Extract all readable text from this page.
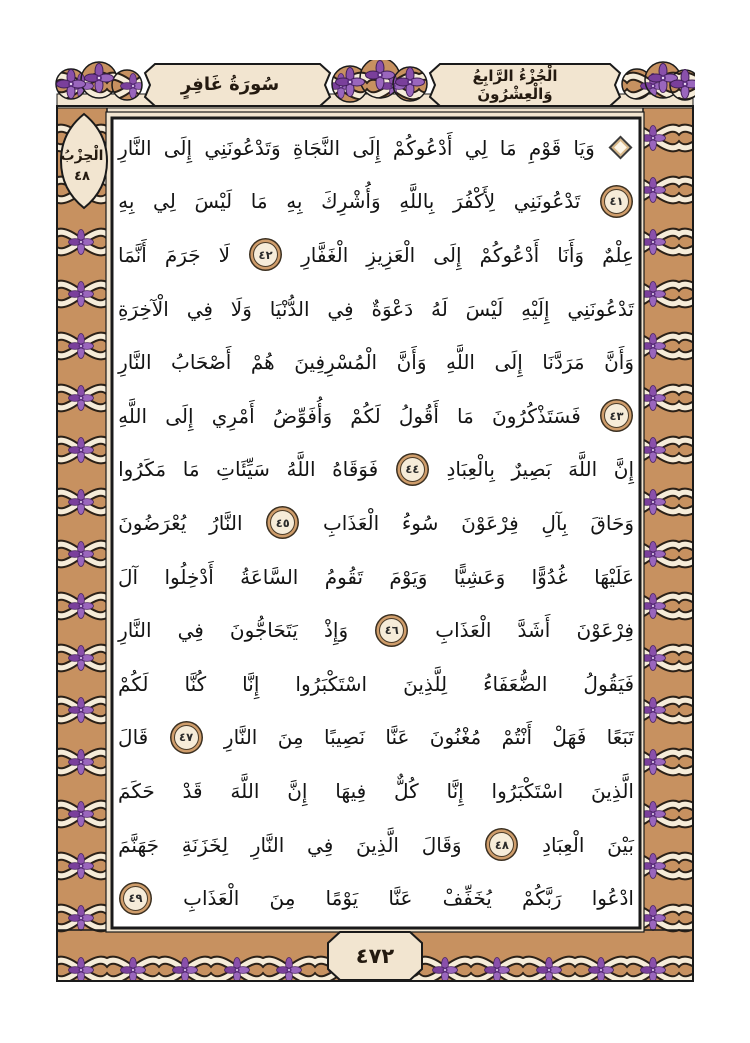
سُورَةُ غَافِرٍ	الْجُزْءُ الرَّابِعُ وَالْعِشْرُونَ
الْحِزْبُ
٤٨
٤٧٢
وَيَا
قَوْمِ
مَا
لِي
أَدْعُوكُمْ
إِلَى
النَّجَاةِ
وَتَدْعُونَنِي
إِلَى
النَّارِ
٤١
تَدْعُونَنِي
لِأَكْفُرَ
بِاللَّهِ
وَأُشْرِكَ
بِهِ
مَا
لَيْسَ
لِي
بِهِ
عِلْمٌ
وَأَنَا
أَدْعُوكُمْ
إِلَى
الْعَزِيزِ
الْغَفَّارِ
٤٢
لَا
جَرَمَ
أَنَّمَا
تَدْعُونَنِي
إِلَيْهِ
لَيْسَ
لَهُ
دَعْوَةٌ
فِي
الدُّنْيَا
وَلَا
فِي
الْآخِرَةِ
وَأَنَّ
مَرَدَّنَا
إِلَى
اللَّهِ
وَأَنَّ
الْمُسْرِفِينَ
هُمْ
أَصْحَابُ
النَّارِ
٤٣
فَسَتَذْكُرُونَ
مَا
أَقُولُ
لَكُمْ
وَأُفَوِّضُ
أَمْرِي
إِلَى
اللَّهِ
إِنَّ
اللَّهَ
بَصِيرٌ
بِالْعِبَادِ
٤٤
فَوَقَاهُ
اللَّهُ
سَيِّئَاتِ
مَا
مَكَرُوا
وَحَاقَ
بِآلِ
فِرْعَوْنَ
سُوءُ
الْعَذَابِ
٤٥
النَّارُ
يُعْرَضُونَ
عَلَيْهَا
غُدُوًّا
وَعَشِيًّا
وَيَوْمَ
تَقُومُ
السَّاعَةُ
أَدْخِلُوا
آلَ
فِرْعَوْنَ
أَشَدَّ
الْعَذَابِ
٤٦
وَإِذْ
يَتَحَاجُّونَ
فِي
النَّارِ
فَيَقُولُ
الضُّعَفَاءُ
لِلَّذِينَ
اسْتَكْبَرُوا
إِنَّا
كُنَّا
لَكُمْ
تَبَعًا
فَهَلْ
أَنْتُمْ
مُغْنُونَ
عَنَّا
نَصِيبًا
مِنَ
النَّارِ
٤٧
قَالَ
الَّذِينَ
اسْتَكْبَرُوا
إِنَّا
كُلٌّ
فِيهَا
إِنَّ
اللَّهَ
قَدْ
حَكَمَ
بَيْنَ
الْعِبَادِ
٤٨
وَقَالَ
الَّذِينَ
فِي
النَّارِ
لِخَزَنَةِ
جَهَنَّمَ
ادْعُوا
رَبَّكُمْ
يُخَفِّفْ
عَنَّا
يَوْمًا
مِنَ
الْعَذَابِ
٤٩
